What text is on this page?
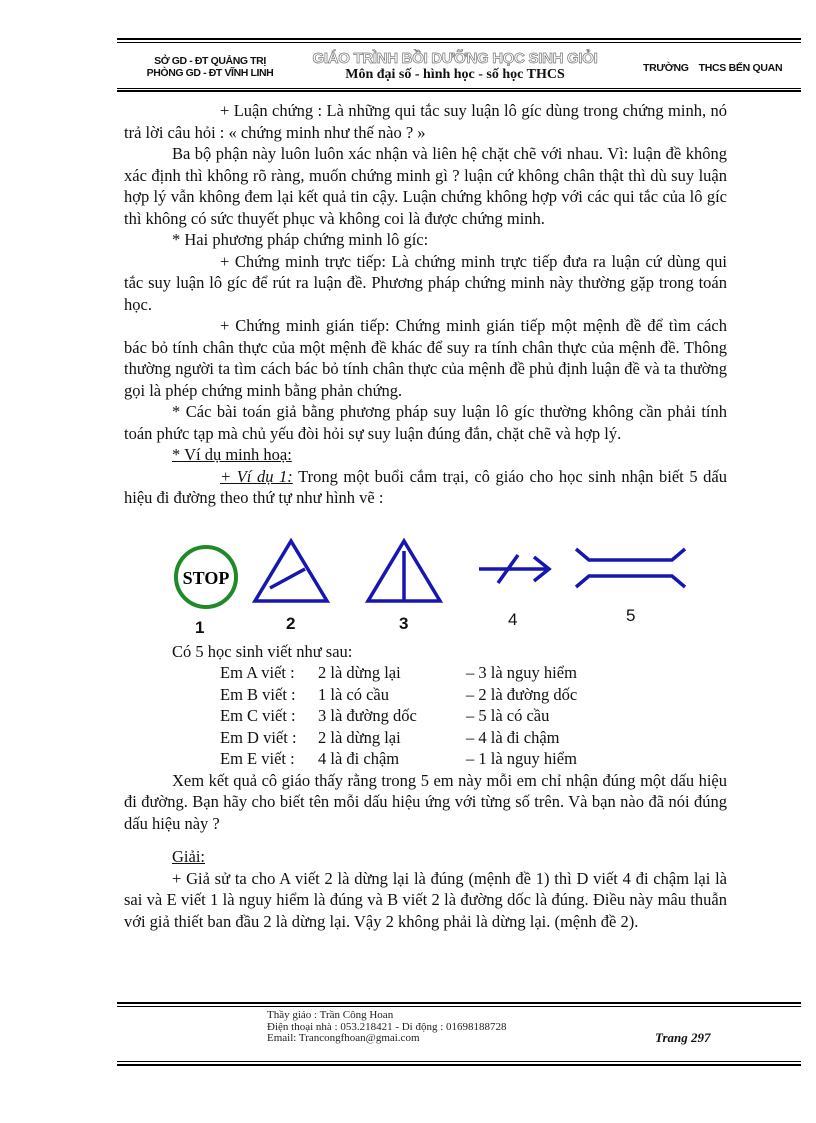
SỞ GD - ĐT QUẢNG TRỊ
PHÒNG GD - ĐT VĨNH LINH
GIÁO TRÌNH BỒI DƯỠNG HỌC SINH GIỎI
Môn đại số - hình học - số học THCS	TRƯỜNG THCS BẾN QUAN

+ Luận chứng : Là những qui tắc suy luận lô gíc dùng trong chứng minh, nó trả lời câu hỏi : « chứng minh như thế nào ? »

Ba bộ phận này luôn luôn xác nhận và liên hệ chặt chẽ với nhau. Vì: luận đề không xác định thì không rõ ràng, muốn chứng minh gì ? luận cứ không chân thật thì dù suy luận hợp lý vẫn không đem lại kết quả tin cậy. Luận chứng không hợp với các qui tắc của lô gíc thì không có sức thuyết phục và không coi là được chứng minh.

* Hai phương pháp chứng minh lô gíc:

+ Chứng minh trực tiếp: Là chứng minh trực tiếp đưa ra luận cứ dùng qui tắc suy luận lô gíc để rút ra luận đề. Phương pháp chứng minh này thường gặp trong toán học.

+ Chứng minh gián tiếp: Chứng minh gián tiếp một mệnh đề để tìm cách bác bỏ tính chân thực của một mệnh đề khác để suy ra tính chân thực của mệnh đề. Thông thường người ta tìm cách bác bỏ tính chân thực của mệnh đề phủ định luận đề và ta thường gọi là phép chứng minh bằng phản chứng.

* Các bài toán giả bằng phương pháp suy luận lô gíc thường không cần phải tính toán phức tạp mà chủ yếu đòi hỏi sự suy luận đúng đắn, chặt chẽ và hợp lý.

* Ví dụ minh hoạ:

+ Ví dụ 1: Trong một buổi cắm trại, cô giáo cho học sinh nhận biết 5 dấu hiệu đi đường theo thứ tự như hình vẽ :

STOP
1	2	3	4	5

Có 5 học sinh viết như sau:

Em A viết :	2 là dừng lại	– 3 là nguy hiểm
Em B viết :	1 là có cầu	– 2 là đường dốc
Em C viết :	3 là đường dốc	– 5 là có cầu
Em D viết :	2 là dừng lại	– 4 là đi chậm
Em E viết :	4 là đi chậm	– 1 là nguy hiểm

Xem kết quả cô giáo thấy rằng trong 5 em này mỗi em chỉ nhận đúng một dấu hiệu đi đường. Bạn hãy cho biết tên mỗi dấu hiệu ứng với từng số trên. Và bạn nào đã nói đúng dấu hiệu này ?

Giải:

+ Giả sử ta cho A viết 2 là dừng lại là đúng (mệnh đề 1) thì D viết 4 đi chậm lại là sai và E viết 1 là nguy hiểm là đúng và B viết 2 là đường dốc là đúng. Điều này mâu thuẫn với giả thiết ban đầu 2 là dừng lại. Vậy 2 không phải là dừng lại. (mệnh đề 2).

Thầy giáo : Trần Công Hoan
Điện thoại nhà : 053.218421 - Di động : 01698188728
Email: Trancongfhoan@gmai.com	Trang 297
